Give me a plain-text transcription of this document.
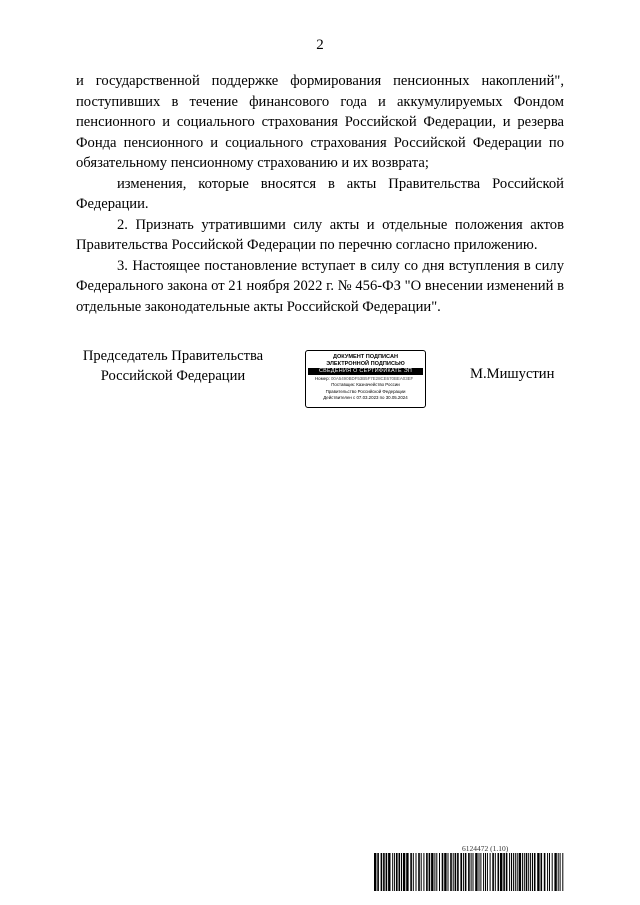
2

и государственной поддержке формирования пенсионных накоплений", поступивших в течение финансового года и аккумулируемых Фондом пенсионного и социального страхования Российской Федерации, и резерва Фонда пенсионного и социального страхования Российской Федерации по обязательному пенсионному страхованию и их возврата;

изменения, которые вносятся в акты Правительства Российской Федерации.

2. Признать утратившими силу акты и отдельные положения актов Правительства Российской Федерации по перечню согласно приложению.

3. Настоящее постановление вступает в силу со дня вступления в силу Федерального закона от 21 ноября 2022 г. № 456-ФЗ "О внесении изменений в отдельные законодательные акты Российской Федерации".

Председатель Правительства
Российской Федерации
ДОКУМЕНТ ПОДПИСАН
ЭЛЕКТРОННОЙ ПОДПИСЬЮ
СВЕДЕНИЯ О СЕРТИФИКАТЕ ЭП
Номер: 00A5490BDF53B5F7E28CE670BEA03EF
Поставщик: Казначейство России
Правительство Российской Федерации
Действителен с 07.03.2023 по 30.05.2024
М.Мишустин
6124472 (1.10)
